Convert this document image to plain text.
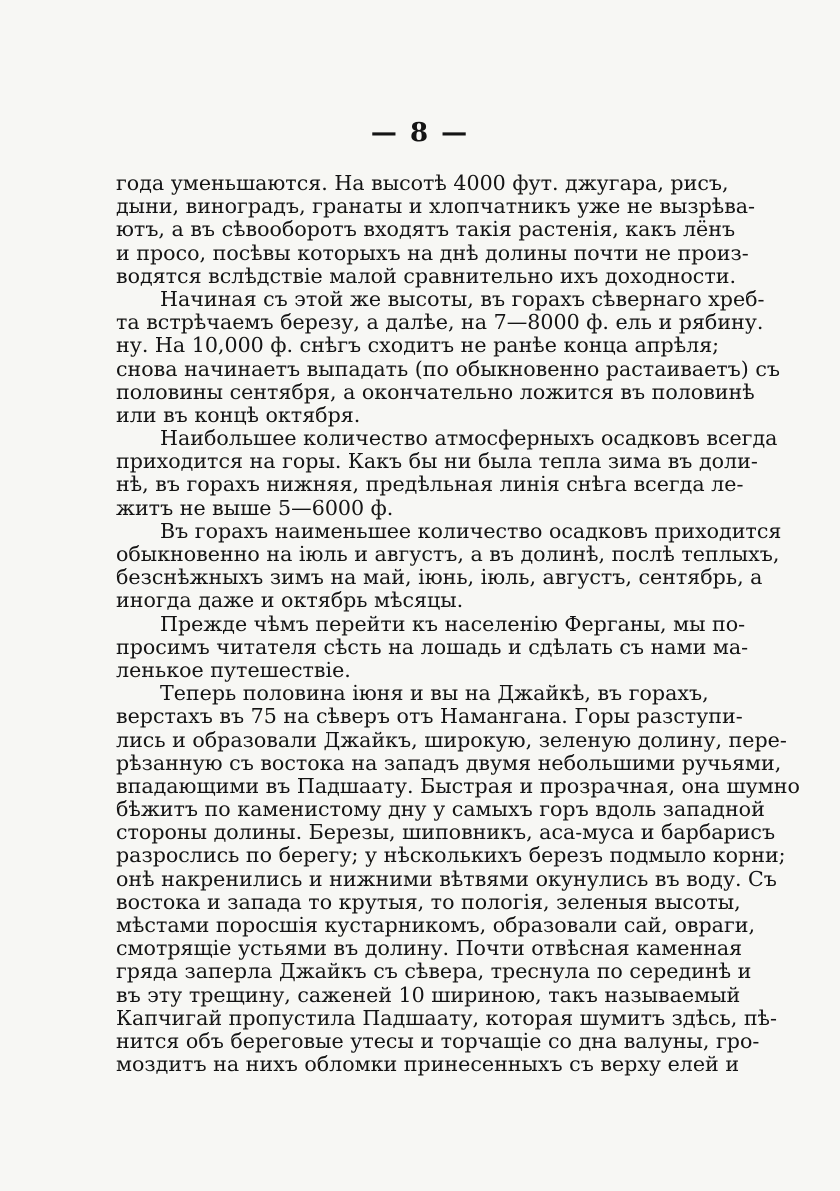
— 8 —
года уменьшаются. На высотѣ 4000 фут. джугара, рисъ,
дыни, виноградъ, гранаты и хлопчатникъ уже не вызрѣва-
ютъ, а въ сѣвооборотъ входятъ такія растенія, какъ лёнъ
и просо, посѣвы которыхъ на днѣ долины почти не произ-
водятся вслѣдствіе малой сравнительно ихъ доходности.
Начиная съ этой же высоты, въ горахъ сѣвернаго хреб-
та встрѣчаемъ березу, а далѣе, на 7—8000 ф. ель и рябину.
ну. На 10,000 ф. снѣгъ сходитъ не ранѣе конца апрѣля;
снова начинаетъ выпадать (по обыкновенно растаиваетъ) съ
половины сентября, а окончательно ложится въ половинѣ
или въ концѣ октября.
Наибольшее количество атмосферныхъ осадковъ всегда
приходится на горы. Какъ бы ни была тепла зима въ доли-
нѣ, въ горахъ нижняя, предѣльная линія снѣга всегда ле-
житъ не выше 5—6000 ф.
Въ горахъ наименьшее количество осадковъ приходится
обыкновенно на іюль и августъ, а въ долинѣ, послѣ теплыхъ,
безснѣжныхъ зимъ на май, іюнь, іюль, августъ, сентябрь, а
иногда даже и октябрь мѣсяцы.
Прежде чѣмъ перейти къ населенію Ферганы, мы по-
просимъ читателя сѣсть на лошадь и сдѣлать съ нами ма-
ленькое путешествіе.
Теперь половина іюня и вы на Джайкѣ, въ горахъ,
верстахъ въ 75 на сѣверъ отъ Намангана. Горы разступи-
лись и образовали Джайкъ, широкую, зеленую долину, пере-
рѣзанную съ востока на западъ двумя небольшими ручьями,
впадающими въ Падшаату. Быстрая и прозрачная, она шумно
бѣжитъ по каменистому дну у самыхъ горъ вдоль западной
стороны долины. Березы, шиповникъ, аса-муса и барбарисъ
разрослись по берегу; у нѣсколькихъ березъ подмыло корни;
онѣ накренились и нижними вѣтвями окунулись въ воду. Съ
востока и запада то крутыя, то пологія, зеленыя высоты,
мѣстами поросшія кустарникомъ, образовали сай, овраги,
смотрящіе устьями въ долину. Почти отвѣсная каменная
гряда заперла Джайкъ съ сѣвера, треснула по серединѣ и
въ эту трещину, саженей 10 шириною, такъ называемый
Капчигай пропустила Падшаату, которая шумитъ здѣсь, пѣ-
нится объ береговые утесы и торчащіе со дна валуны, гро-
моздитъ на нихъ обломки принесенныхъ съ верху елей и
